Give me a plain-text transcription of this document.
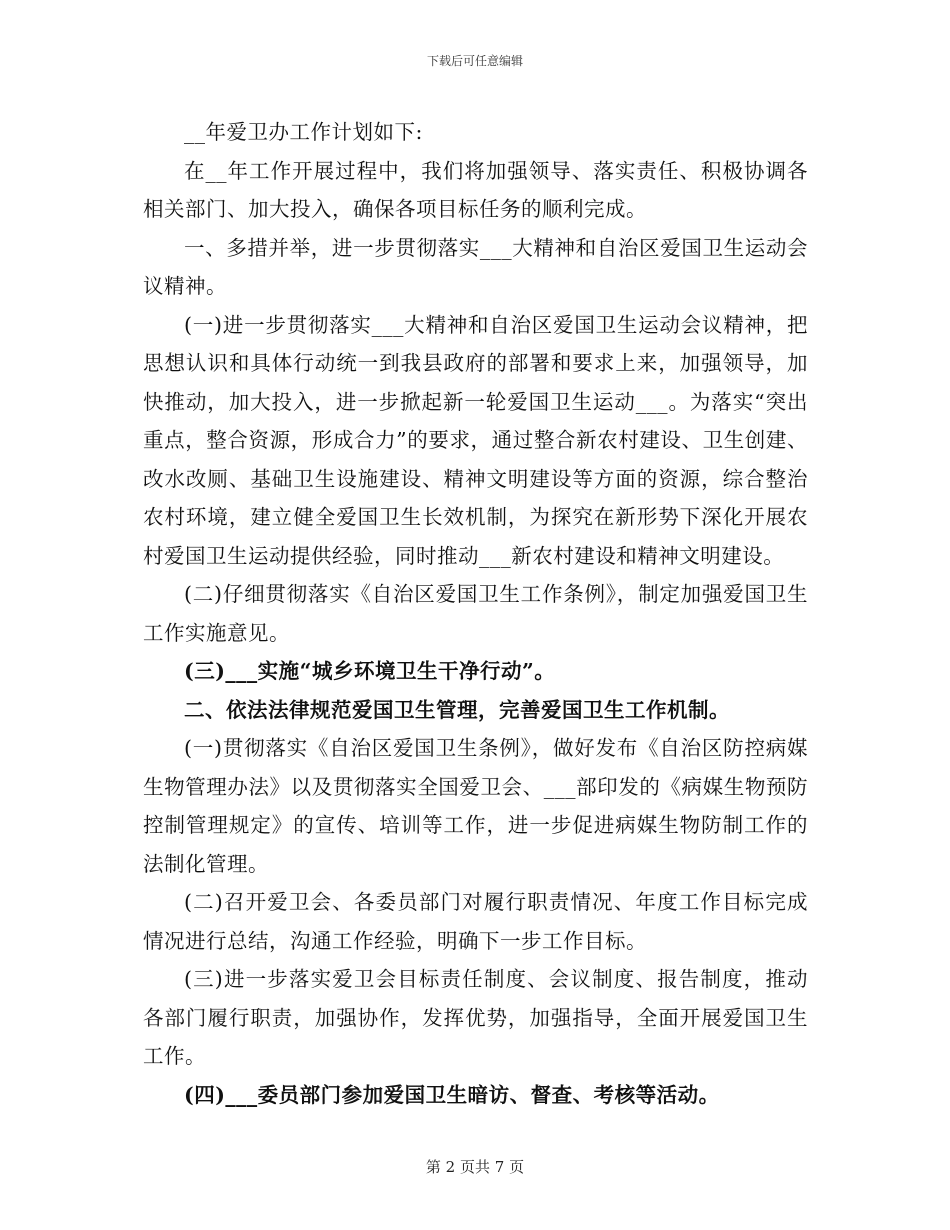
下载后可任意编辑

__年爱卫办工作计划如下:

在__年工作开展过程中，我们将加强领导、落实责任、积极协调各相关部门、加大投入，确保各项目标任务的顺利完成。

一、多措并举，进一步贯彻落实___大精神和自治区爱国卫生运动会议精神。

(一)进一步贯彻落实___大精神和自治区爱国卫生运动会议精神，把思想认识和具体行动统一到我县政府的部署和要求上来，加强领导，加快推动，加大投入，进一步掀起新一轮爱国卫生运动___。为落实“突出重点，整合资源，形成合力”的要求，通过整合新农村建设、卫生创建、改水改厕、基础卫生设施建设、精神文明建设等方面的资源，综合整治农村环境，建立健全爱国卫生长效机制，为探究在新形势下深化开展农村爱国卫生运动提供经验，同时推动___新农村建设和精神文明建设。

(二)仔细贯彻落实《自治区爱国卫生工作条例》，制定加强爱国卫生工作实施意见。

(三)___实施“城乡环境卫生干净行动”。

二、依法法律规范爱国卫生管理，完善爱国卫生工作机制。

(一)贯彻落实《自治区爱国卫生条例》，做好发布《自治区防控病媒生物管理办法》以及贯彻落实全国爱卫会、___部印发的《病媒生物预防控制管理规定》的宣传、培训等工作，进一步促进病媒生物防制工作的法制化管理。

(二)召开爱卫会、各委员部门对履行职责情况、年度工作目标完成情况进行总结，沟通工作经验，明确下一步工作目标。

(三)进一步落实爱卫会目标责任制度、会议制度、报告制度，推动各部门履行职责，加强协作，发挥优势，加强指导，全面开展爱国卫生工作。

(四)___委员部门参加爱国卫生暗访、督查、考核等活动。

第 2 页共 7 页
